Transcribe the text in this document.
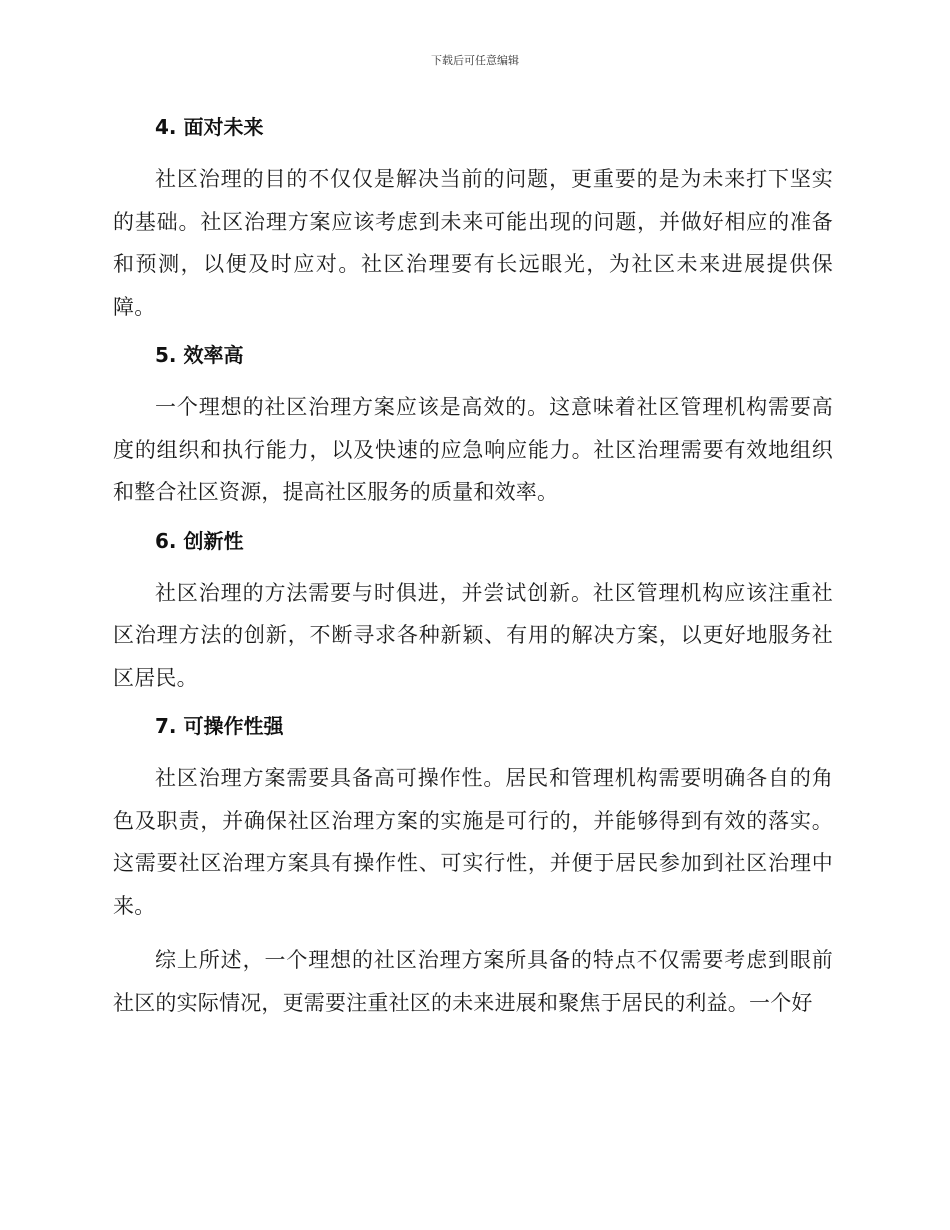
下载后可任意编辑
4. 面对未来

社区治理的目的不仅仅是解决当前的问题，更重要的是为未来打下坚实的基础。社区治理方案应该考虑到未来可能出现的问题，并做好相应的准备和预测，以便及时应对。社区治理要有长远眼光，为社区未来进展提供保障。

5. 效率高

一个理想的社区治理方案应该是高效的。这意味着社区管理机构需要高度的组织和执行能力，以及快速的应急响应能力。社区治理需要有效地组织和整合社区资源，提高社区服务的质量和效率。

6. 创新性

社区治理的方法需要与时俱进，并尝试创新。社区管理机构应该注重社区治理方法的创新，不断寻求各种新颖、有用的解决方案，以更好地服务社区居民。

7. 可操作性强

社区治理方案需要具备高可操作性。居民和管理机构需要明确各自的角色及职责，并确保社区治理方案的实施是可行的，并能够得到有效的落实。这需要社区治理方案具有操作性、可实行性，并便于居民参加到社区治理中来。

综上所述，一个理想的社区治理方案所具备的特点不仅需要考虑到眼前社区的实际情况，更需要注重社区的未来进展和聚焦于居民的利益。一个好
